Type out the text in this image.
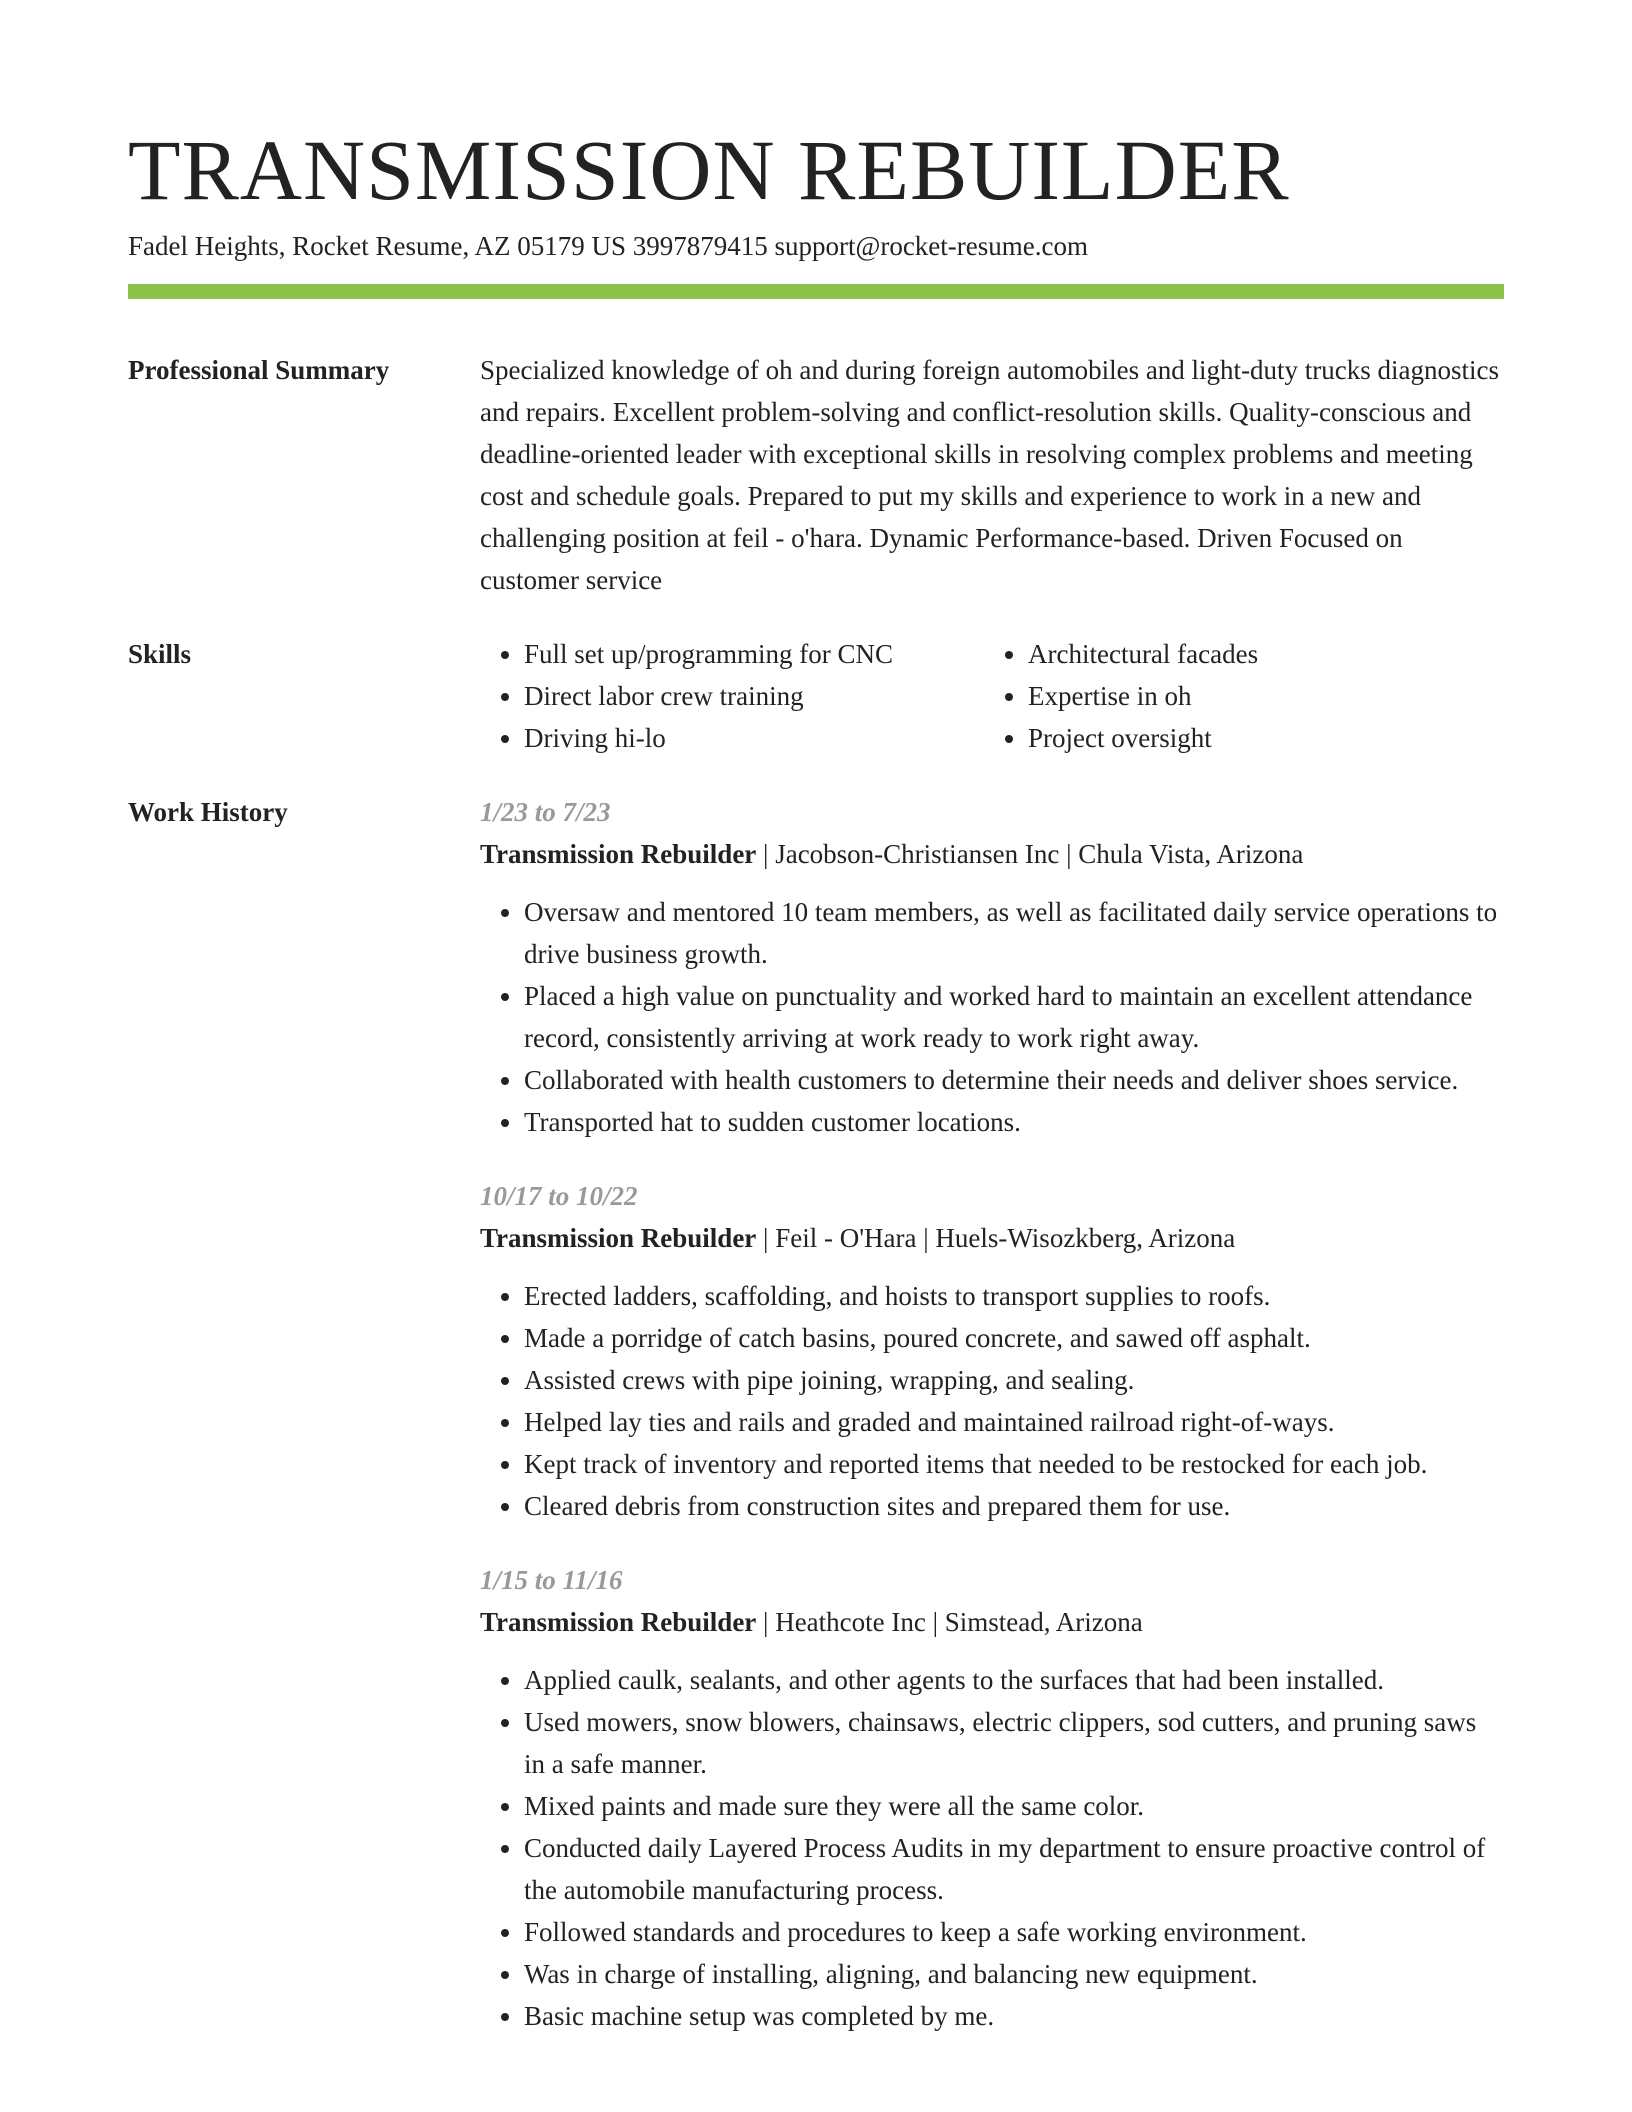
TRANSMISSION REBUILDER
Fadel Heights, Rocket Resume, AZ 05179 US 3997879415 support@rocket-resume.com
Professional Summary	Specialized knowledge of oh and during foreign automobiles and light-duty trucks diagnostics and repairs. Excellent problem-solving and conflict-resolution skills. Quality-conscious and deadline-oriented leader with exceptional skills in resolving complex problems and meeting cost and schedule goals. Prepared to put my skills and experience to work in a new and challenging position at feil - o'hara. Dynamic Performance-based. Driven Focused on customer service
Skills
•	Full set up/programming for CNC
• Direct labor crew training
• Driving hi-lo
• Architectural facades
• Expertise in oh
• Project oversight
Work History	1/23 to 7/23
Transmission Rebuilder | Jacobson-Christiansen Inc | Chula Vista, Arizona
• Oversaw and mentored 10 team members, as well as facilitated daily service operations to drive business growth.
• Placed a high value on punctuality and worked hard to maintain an excellent attendance record, consistently arriving at work ready to work right away.
• Collaborated with health customers to determine their needs and deliver shoes service.
• Transported hat to sudden customer locations.
10/17 to 10/22
Transmission Rebuilder | Feil - O'Hara | Huels-Wisozkberg, Arizona
• Erected ladders, scaffolding, and hoists to transport supplies to roofs.
• Made a porridge of catch basins, poured concrete, and sawed off asphalt.
• Assisted crews with pipe joining, wrapping, and sealing.
• Helped lay ties and rails and graded and maintained railroad right-of-ways.
• Kept track of inventory and reported items that needed to be restocked for each job.
• Cleared debris from construction sites and prepared them for use.
1/15 to 11/16
Transmission Rebuilder | Heathcote Inc | Simstead, Arizona
• Applied caulk, sealants, and other agents to the surfaces that had been installed.
• Used mowers, snow blowers, chainsaws, electric clippers, sod cutters, and pruning saws in a safe manner.
• Mixed paints and made sure they were all the same color.
• Conducted daily Layered Process Audits in my department to ensure proactive control of the automobile manufacturing process.
• Followed standards and procedures to keep a safe working environment.
• Was in charge of installing, aligning, and balancing new equipment.
• Basic machine setup was completed by me.
